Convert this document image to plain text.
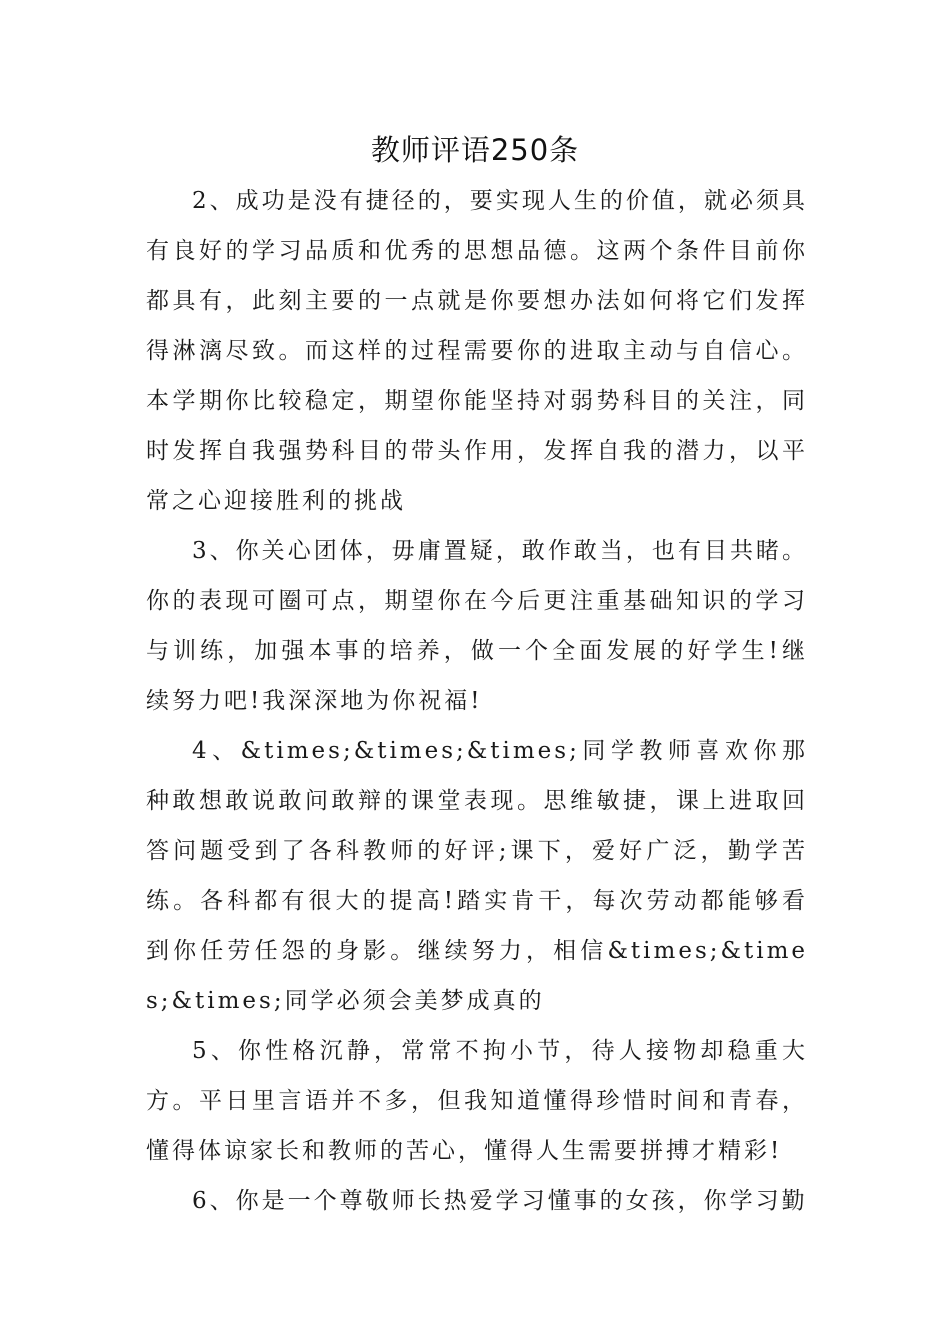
教师评语250条

2、成功是没有捷径的，要实现人生的价值，就必须具有良好的学习品质和优秀的思想品德。这两个条件目前你都具有，此刻主要的一点就是你要想办法如何将它们发挥得淋漓尽致。而这样的过程需要你的进取主动与自信心。本学期你比较稳定，期望你能坚持对弱势科目的关注，同时发挥自我强势科目的带头作用，发挥自我的潜力，以平常之心迎接胜利的挑战

3、你关心团体，毋庸置疑，敢作敢当，也有目共睹。你的表现可圈可点，期望你在今后更注重基础知识的学习与训练，加强本事的培养，做一个全面发展的好学生!继续努力吧!我深深地为你祝福!

4、&times;&times;&times;同学教师喜欢你那种敢想敢说敢问敢辩的课堂表现。思维敏捷，课上进取回答问题受到了各科教师的好评;课下，爱好广泛，勤学苦练。各科都有很大的提高!踏实肯干，每次劳动都能够看到你任劳任怨的身影。继续努力，相信&times;&times;&times;同学必须会美梦成真的

5、你性格沉静，常常不拘小节，待人接物却稳重大方。平日里言语并不多，但我知道懂得珍惜时间和青春，懂得体谅家长和教师的苦心，懂得人生需要拼搏才精彩!

6、你是一个尊敬师长热爱学习懂事的女孩，你学习勤
